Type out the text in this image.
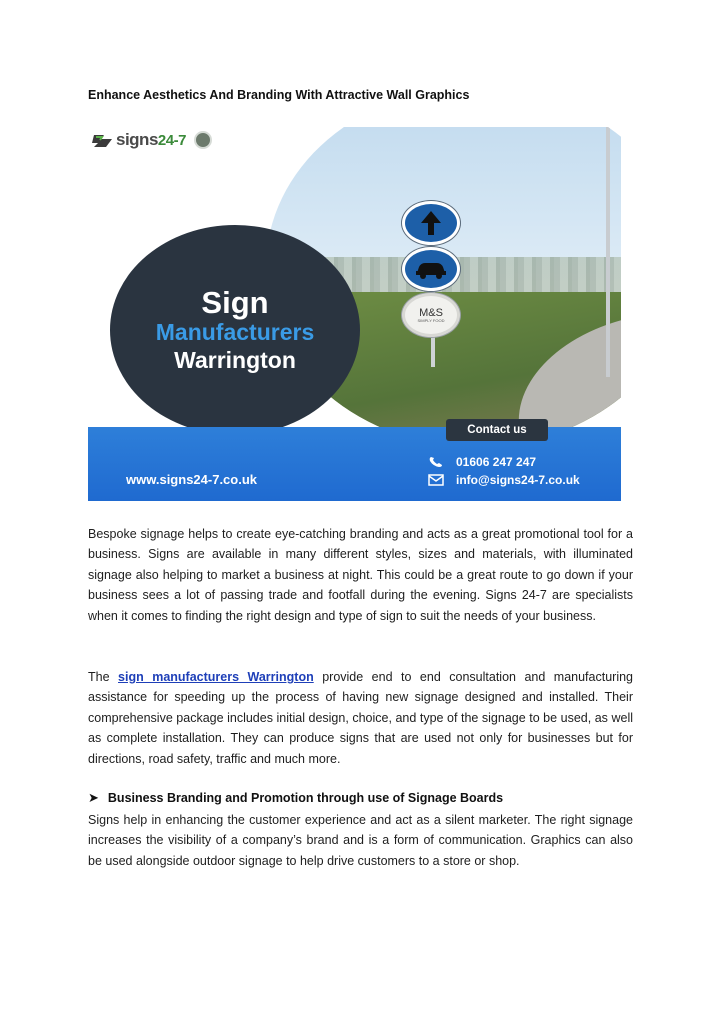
Enhance Aesthetics And Branding With Attractive Wall Graphics
M&S
SIMPLY FOOD
Sign
Manufacturers
Warrington
signs24-7
Contact us
www.signs24-7.co.uk
01606 247 247
info@signs24-7.co.uk

Bespoke signage helps to create eye-catching branding and acts as a great promotional tool for a business. Signs are available in many different styles, sizes and materials, with illuminated signage also helping to market a business at night. This could be a great route to go down if your business sees a lot of passing trade and footfall during the evening. Signs 24-7 are specialists when it comes to finding the right design and type of sign to suit the needs of your business.

The sign manufacturers Warrington provide end to end consultation and manufacturing assistance for speeding up the process of having new signage designed and installed. Their comprehensive package includes initial design, choice, and type of the signage to be used, as well as complete installation. They can produce signs that are used not only for businesses but for directions, road safety, traffic and much more.

➤ Business Branding and Promotion through use of Signage Boards

Signs help in enhancing the customer experience and act as a silent marketer. The right signage increases the visibility of a company’s brand and is a form of communication. Graphics can also be used alongside outdoor signage to help drive customers to a store or shop.
